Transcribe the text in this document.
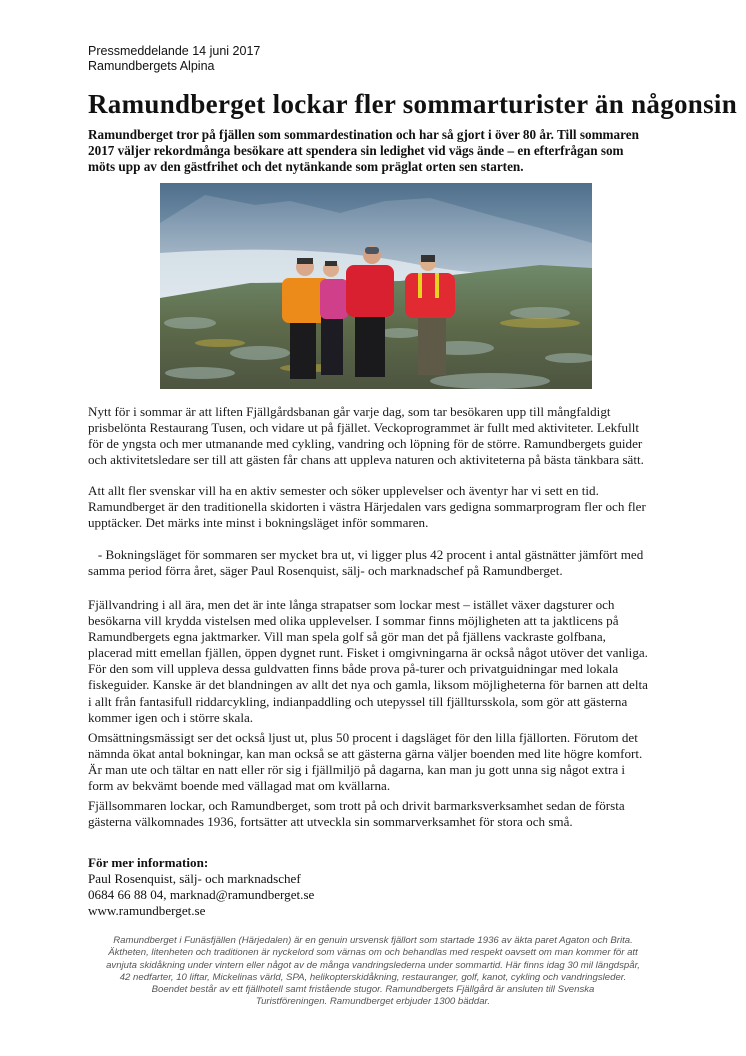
Pressmeddelande 14 juni 2017
Ramundbergets Alpina
Ramundberget lockar fler sommarturister än någonsin
Ramundberget tror på fjällen som sommardestination och har så gjort i över 80 år. Till sommaren
2017 väljer rekordmånga besökare att spendera sin ledighet vid vägs ände – en efterfrågan som
möts upp av den gästfrihet och det nytänkande som präglat orten sen starten.
Nytt för i sommar är att liften Fjällgårdsbanan går varje dag, som tar besökaren upp till mångfaldigt
prisbelönta Restaurang Tusen, och vidare ut på fjället. Veckoprogrammet är fullt med aktiviteter. Lekfullt
för de yngsta och mer utmanande med cykling, vandring och löpning för de större. Ramundbergets guider
och aktivitetsledare ser till att gästen får chans att uppleva naturen och aktiviteterna på bästa tänkbara sätt.
Att allt fler svenskar vill ha en aktiv semester och söker upplevelser och äventyr har vi sett en tid.
Ramundberget är den traditionella skidorten i västra Härjedalen vars gedigna sommarprogram fler och fler
upptäcker. Det märks inte minst i bokningsläget inför sommaren.
- Bokningsläget för sommaren ser mycket bra ut, vi ligger plus 42 procent i antal gästnätter jämfört med
samma period förra året, säger Paul Rosenquist, sälj- och marknadschef på Ramundberget.
Fjällvandring i all ära, men det är inte långa strapatser som lockar mest – istället växer dagsturer och
besökarna vill krydda vistelsen med olika upplevelser. I sommar finns möjligheten att ta jaktlicens på
Ramundbergets egna jaktmarker. Vill man spela golf så gör man det på fjällens vackraste golfbana,
placerad mitt emellan fjällen, öppen dygnet runt. Fisket i omgivningarna är också något utöver det vanliga.
För den som vill uppleva dessa guldvatten finns både prova på-turer och privatguidningar med lokala
fiskeguider. Kanske är det blandningen av allt det nya och gamla, liksom möjligheterna för barnen att delta
i allt från fantasifull riddarcykling, indianpaddling och utepyssel till fjälltursskola, som gör att gästerna
kommer igen och i större skala.
Omsättningsmässigt ser det också ljust ut, plus 50 procent i dagsläget för den lilla fjällorten. Förutom det
nämnda ökat antal bokningar, kan man också se att gästerna gärna väljer boenden med lite högre komfort.
Är man ute och tältar en natt eller rör sig i fjällmiljö på dagarna, kan man ju gott unna sig något extra i
form av bekvämt boende med vällagad mat om kvällarna.
Fjällsommaren lockar, och Ramundberget, som trott på och drivit barmarksverksamhet sedan de första
gästerna välkomnades 1936, fortsätter att utveckla sin sommarverksamhet för stora och små.
För mer information:
Paul Rosenquist, sälj- och marknadschef
0684 66 88 04, marknad@ramundberget.se
www.ramundberget.se
Ramundberget i Funäsfjällen (Härjedalen) är en genuin ursvensk fjällort som startade 1936 av äkta paret Agaton och Brita.
Äktheten, litenheten och traditionen är nyckelord som värnas om och behandlas med respekt oavsett om man kommer för att
avnjuta skidåkning under vintern eller något av de många vandringslederna under sommartid. Här finns idag 30 mil längdspår,
42 nedfarter, 10 liftar, Mickelinas värld, SPA, helikopterskidåkning, restauranger, golf, kanot, cykling och vandringsleder.
Boendet består av ett fjällhotell samt fristående stugor. Ramundbergets Fjällgård är ansluten till Svenska
Turistföreningen. Ramundberget erbjuder 1300 bäddar.
